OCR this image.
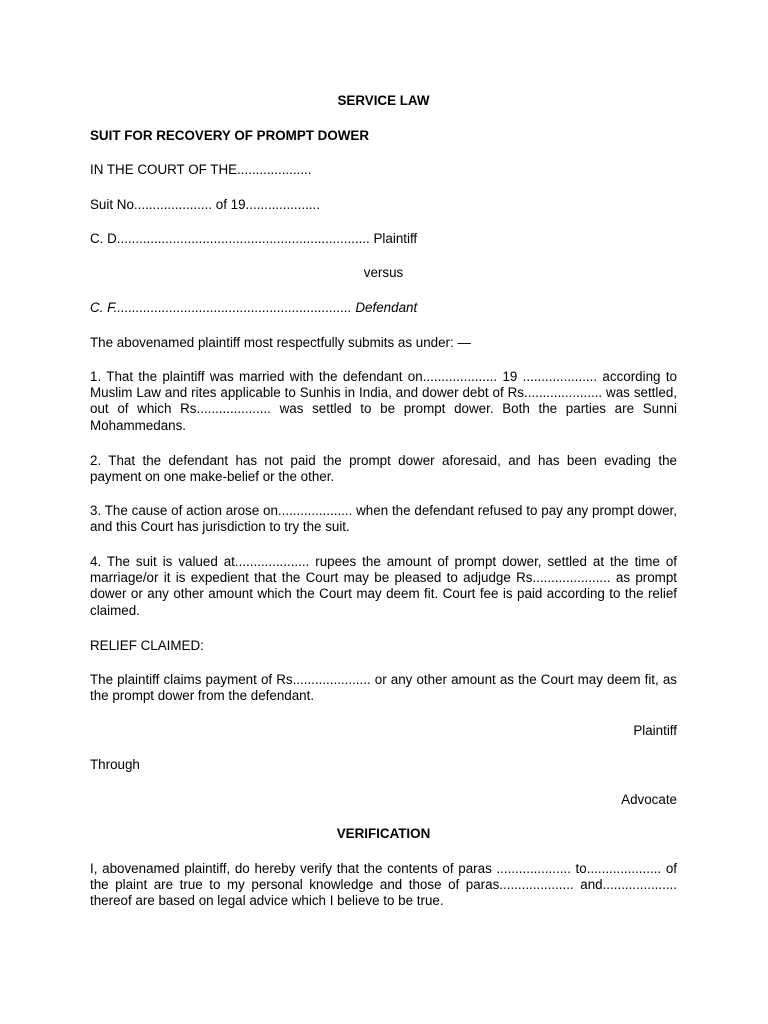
SERVICE LAW

SUIT FOR RECOVERY OF PROMPT DOWER

IN THE COURT OF THE....................

Suit No..................... of 19....................

C. D.................................................................... Plaintiff

versus

C. F................................................................ Defendant

The abovenamed plaintiff most respectfully submits as under: —

1. That the plaintiff was married with the defendant on.................... 19 .................... according to Muslim Law and rites applicable to Sunhis in India, and dower debt of Rs..................... was settled, out of which Rs.................... was settled to be prompt dower. Both the parties are Sunni Mohammedans.

2. That the defendant has not paid the prompt dower aforesaid, and has been evading the payment on one make-belief or the other.

3. The cause of action arose on.................... when the defendant refused to pay any prompt dower, and this Court has jurisdiction to try the suit.

4. The suit is valued at.................... rupees the amount of prompt dower, settled at the time of marriage/or it is expedient that the Court may be pleased to adjudge Rs..................... as prompt dower or any other amount which the Court may deem fit. Court fee is paid according to the relief claimed.

RELIEF CLAIMED:

The plaintiff claims payment of Rs..................... or any other amount as the Court may deem fit, as the prompt dower from the defendant.

Plaintiff

Through

Advocate

VERIFICATION

I, abovenamed plaintiff, do hereby verify that the contents of paras .................... to.................... of the plaint are true to my personal knowledge and those of paras.................... and.................... thereof are based on legal advice which I believe to be true.
